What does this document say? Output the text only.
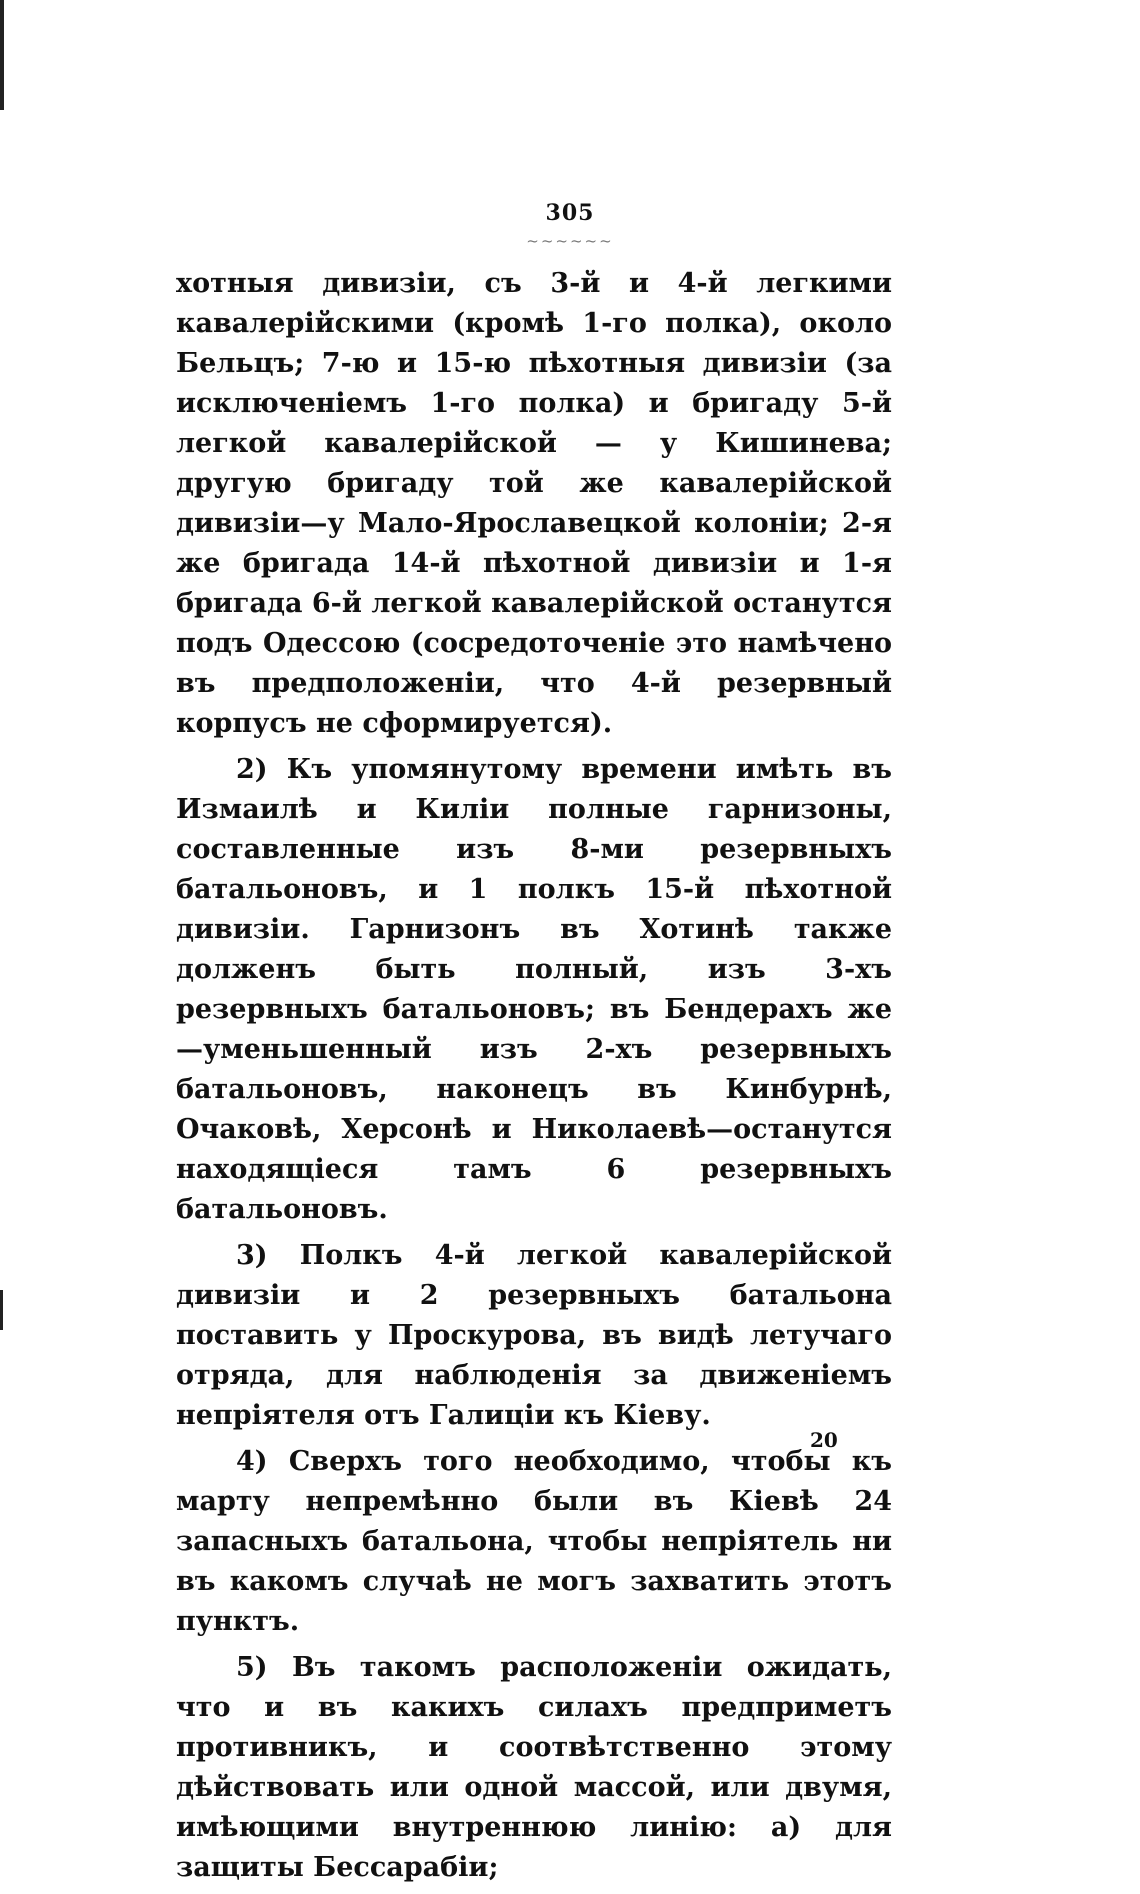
305
~~~~~~

хотныя дивизіи, съ 3-й и 4-й легкими кавалерійскими (кромѣ 1-го полка), около Бельцъ; 7-ю и 15-ю пѣхотныя дивизіи (за исключеніемъ 1-го полка) и бригаду 5-й легкой кавалерійской — у Кишинева; другую бригаду той же кавалерійской дивизіи—у Мало-Ярославецкой колоніи; 2-я же бригада 14-й пѣхотной дивизіи и 1-я бригада 6-й легкой кавалерійской останутся подъ Одессою (сосредоточеніе это намѣчено въ предположеніи, что 4-й резервный корпусъ не сформируется).

2) Къ упомянутому времени имѣть въ Измаилѣ и Килiи полные гарнизоны, составленные изъ 8-ми резервныхъ батальоновъ, и 1 полкъ 15-й пѣхотной дивизіи. Гарнизонъ въ Хотинѣ также долженъ быть полный, изъ 3-хъ резервныхъ батальоновъ; въ Бендерахъ же—уменьшенный изъ 2-хъ резервныхъ батальоновъ, наконецъ въ Кинбурнѣ, Очаковѣ, Херсонѣ и Николаевѣ—останутся находящіеся тамъ 6 резервныхъ батальоновъ.

3) Полкъ 4-й легкой кавалерійской дивизіи и 2 резервныхъ батальона поставить у Проскурова, въ видѣ летучаго отряда, для наблюденія за движеніемъ непріятеля отъ Галиціи къ Кіеву.

4) Сверхъ того необходимо, чтобы къ марту непремѣнно были въ Кіевѣ 24 запасныхъ батальона, чтобы непріятель ни въ какомъ случаѣ не могъ захватить этотъ пунктъ.

5) Въ такомъ расположеніи ожидать, что и въ какихъ силахъ предприметъ противникъ, и соотвѣтственно этому дѣйствовать или одной массой, или двумя, имѣющими внутреннюю линію: а) для защиты Бессарабіи;

20
